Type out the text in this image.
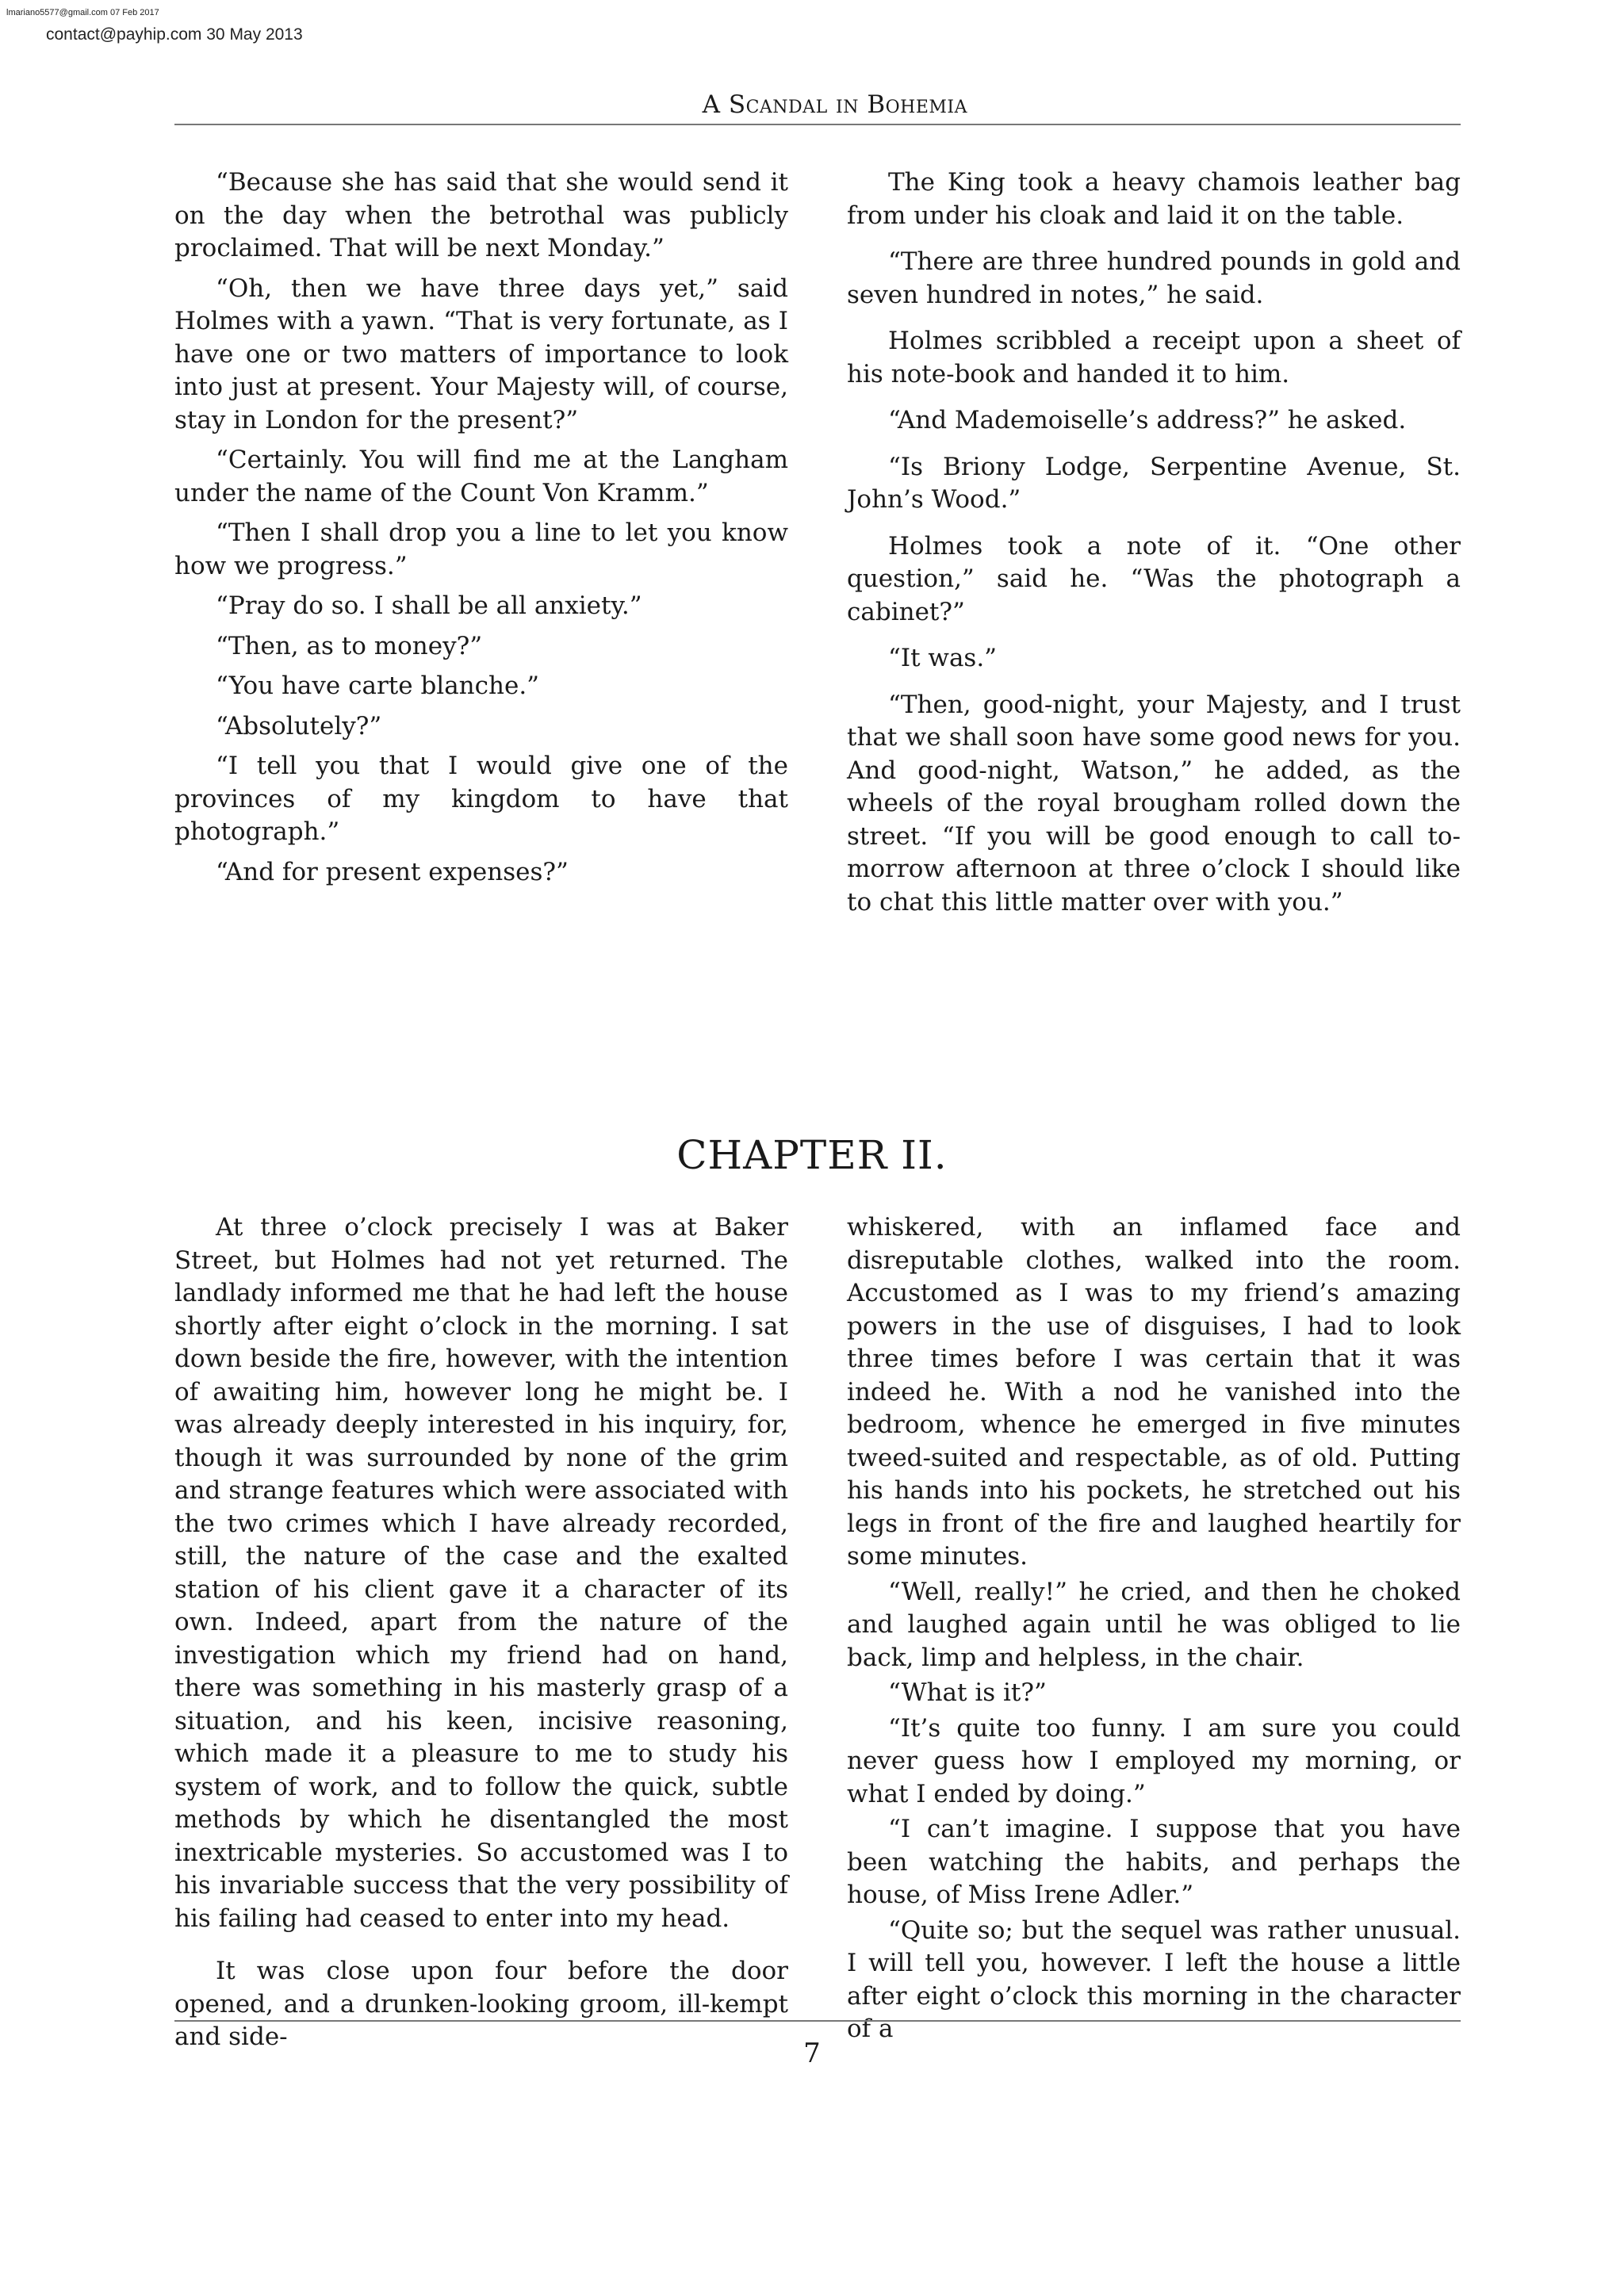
lmariano5577@gmail.com 07 Feb 2017
contact@payhip.com 30 May 2013
A Scandal in Bohemia

“Because she has said that she would send it on the day when the betrothal was publicly proclaimed. That will be next Monday.”

“Oh, then we have three days yet,” said Holmes with a yawn. “That is very fortunate, as I have one or two matters of importance to look into just at present. Your Majesty will, of course, stay in London for the present?”

“Certainly. You will find me at the Langham under the name of the Count Von Kramm.”

“Then I shall drop you a line to let you know how we progress.”

“Pray do so. I shall be all anxiety.”

“Then, as to money?”

“You have carte blanche.”

“Absolutely?”

“I tell you that I would give one of the provinces of my kingdom to have that photograph.”

“And for present expenses?”

The King took a heavy chamois leather bag from under his cloak and laid it on the table.

“There are three hundred pounds in gold and seven hundred in notes,” he said.

Holmes scribbled a receipt upon a sheet of his note-book and handed it to him.

“And Mademoiselle’s address?” he asked.

“Is Briony Lodge, Serpentine Avenue, St. John’s Wood.”

Holmes took a note of it. “One other question,” said he. “Was the photograph a cabinet?”

“It was.”

“Then, good-night, your Majesty, and I trust that we shall soon have some good news for you. And good-night, Watson,” he added, as the wheels of the royal brougham rolled down the street. “If you will be good enough to call to-morrow afternoon at three o’clock I should like to chat this little matter over with you.”

CHAPTER II.

At three o’clock precisely I was at Baker Street, but Holmes had not yet returned. The landlady informed me that he had left the house shortly after eight o’clock in the morning. I sat down beside the fire, however, with the intention of awaiting him, however long he might be. I was already deeply interested in his inquiry, for, though it was surrounded by none of the grim and strange features which were associated with the two crimes which I have already recorded, still, the nature of the case and the exalted station of his client gave it a character of its own. Indeed, apart from the nature of the investigation which my friend had on hand, there was something in his masterly grasp of a situation, and his keen, incisive reasoning, which made it a pleasure to me to study his system of work, and to follow the quick, subtle methods by which he disentangled the most inextricable mysteries. So accustomed was I to his invariable success that the very possibility of his failing had ceased to enter into my head.

It was close upon four before the door opened, and a drunken-looking groom, ill-kempt and side-

whiskered, with an inflamed face and disreputable clothes, walked into the room. Accustomed as I was to my friend’s amazing powers in the use of disguises, I had to look three times before I was certain that it was indeed he. With a nod he vanished into the bedroom, whence he emerged in five minutes tweed-suited and respectable, as of old. Putting his hands into his pockets, he stretched out his legs in front of the fire and laughed heartily for some minutes.

“Well, really!” he cried, and then he choked and laughed again until he was obliged to lie back, limp and helpless, in the chair.

“What is it?”

“It’s quite too funny. I am sure you could never guess how I employed my morning, or what I ended by doing.”

“I can’t imagine. I suppose that you have been watching the habits, and perhaps the house, of Miss Irene Adler.”

“Quite so; but the sequel was rather unusual. I will tell you, however. I left the house a little after eight o’clock this morning in the character of a

7
